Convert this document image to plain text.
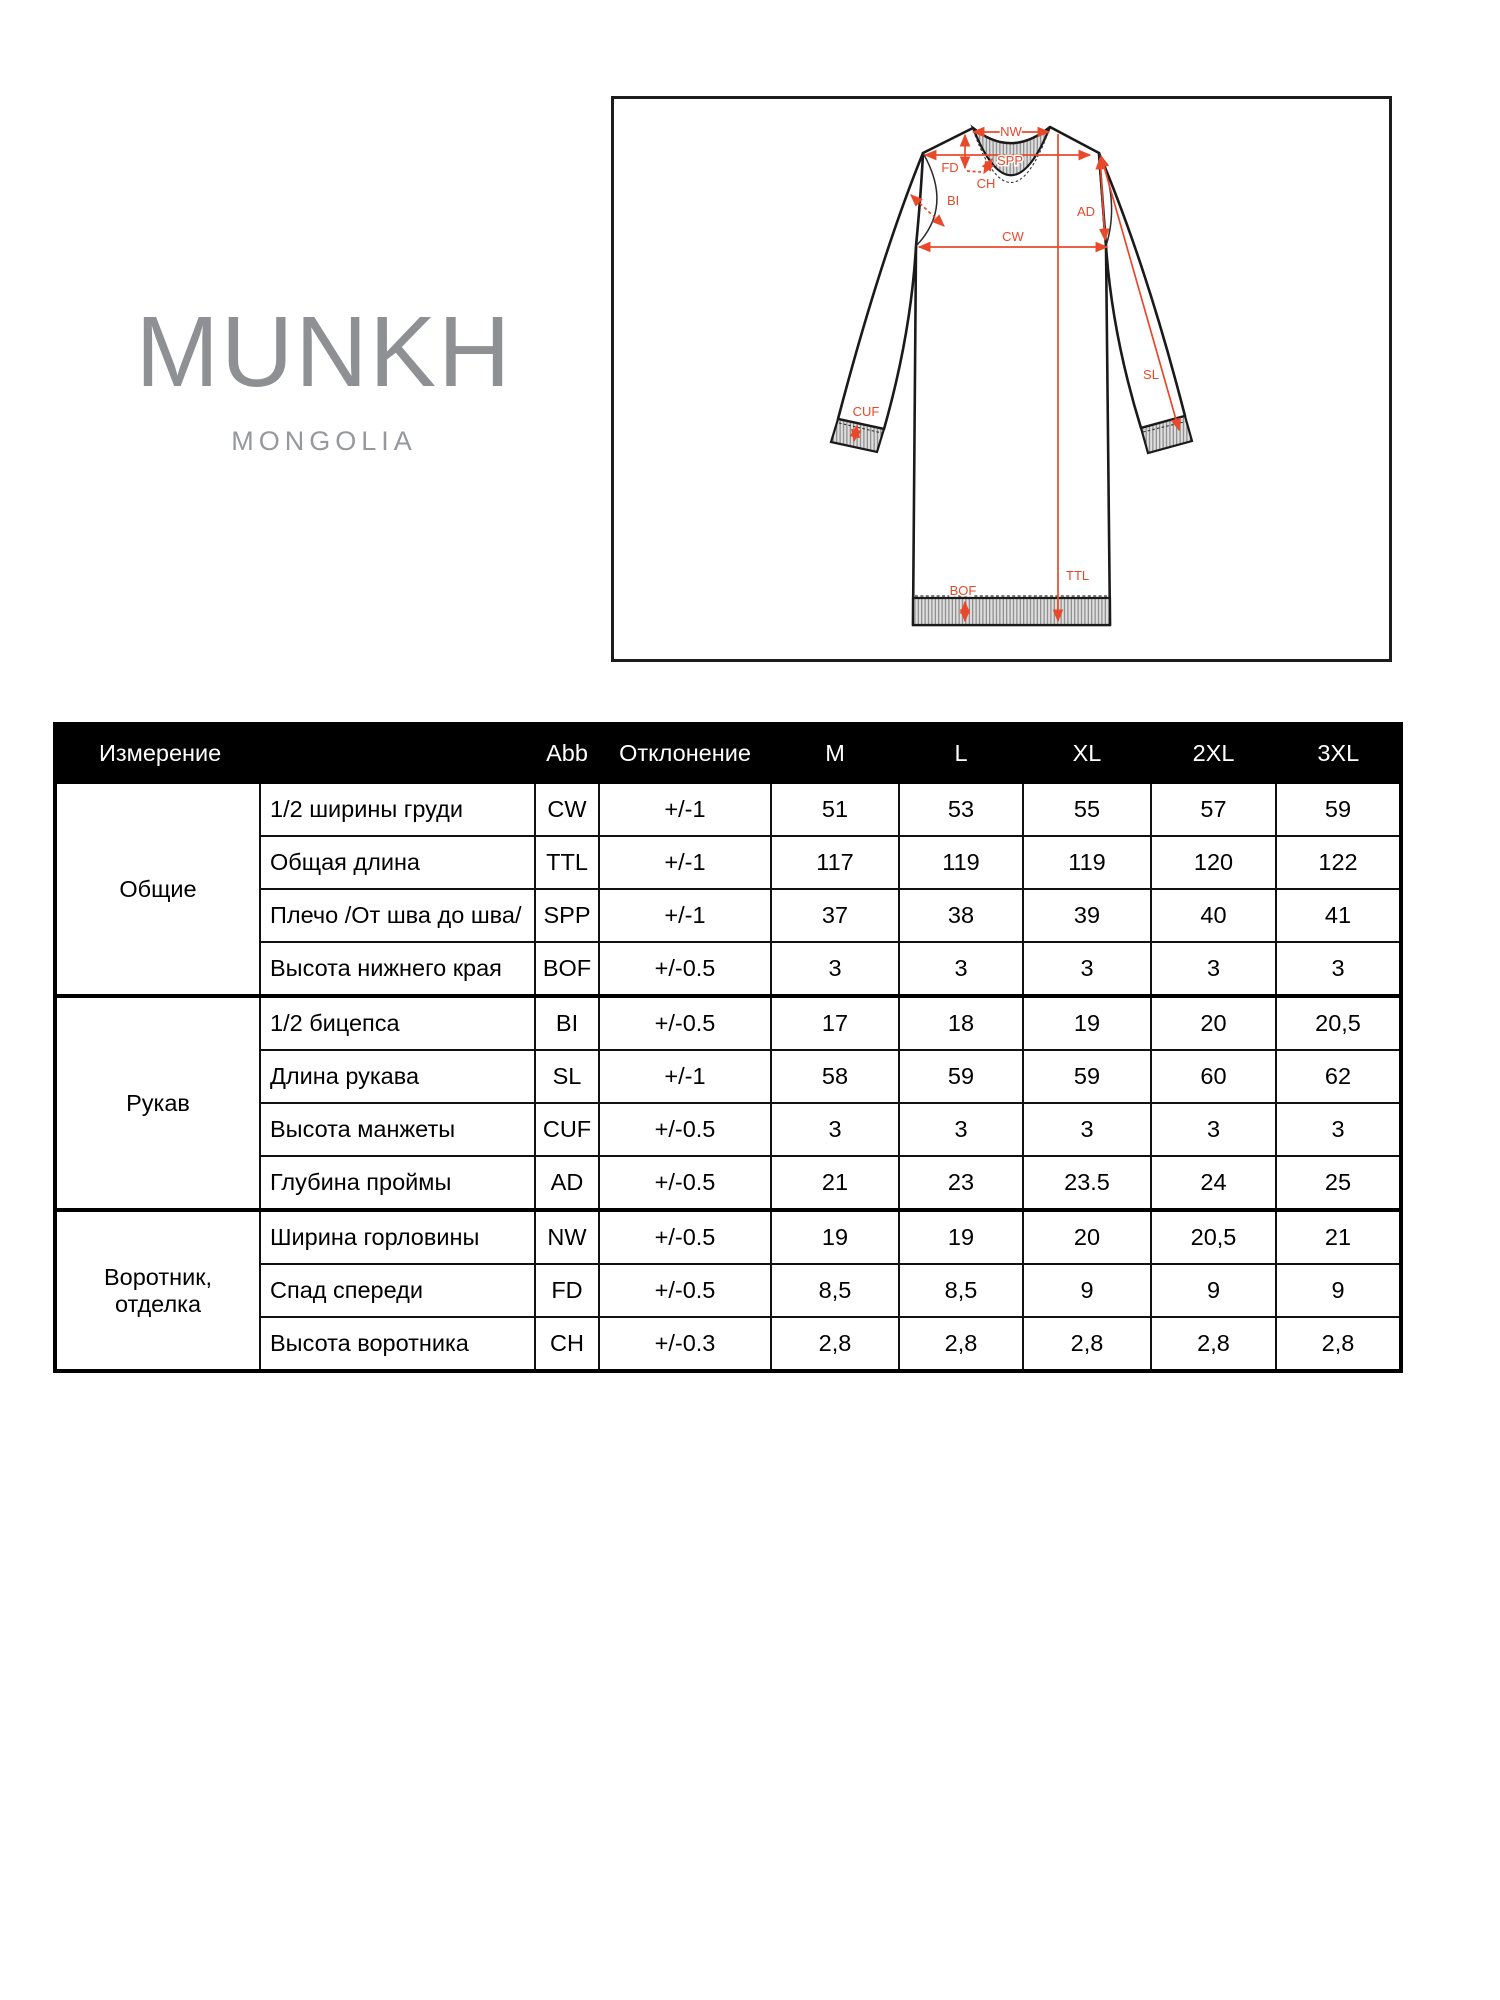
MUNKH
MONGOLIA
NW
SPP
FD
CH
BI
AD
CW
SL
CUF
TTL
BOF
Измерение		Abb	Отклонение	M	L	XL	2XL	3XL
Общие	1/2 ширины груди	CW	+/-1	51	53	55	57	59
	Общая длина	TTL	+/-1	117	119	119	120	122
	Плечо /От шва до шва/	SPP	+/-1	37	38	39	40	41
	Высота нижнего края	BOF	+/-0.5	3	3	3	3	3
Рукав	1/2 бицепса	BI	+/-0.5	17	18	19	20	20,5
	Длина рукава	SL	+/-1	58	59	59	60	62
	Высота манжеты	CUF	+/-0.5	3	3	3	3	3
	Глубина проймы	AD	+/-0.5	21	23	23.5	24	25
Воротник, отделка	Ширина горловины	NW	+/-0.5	19	19	20	20,5	21
	Спад спереди	FD	+/-0.5	8,5	8,5	9	9	9
	Высота воротника	CH	+/-0.3	2,8	2,8	2,8	2,8	2,8
